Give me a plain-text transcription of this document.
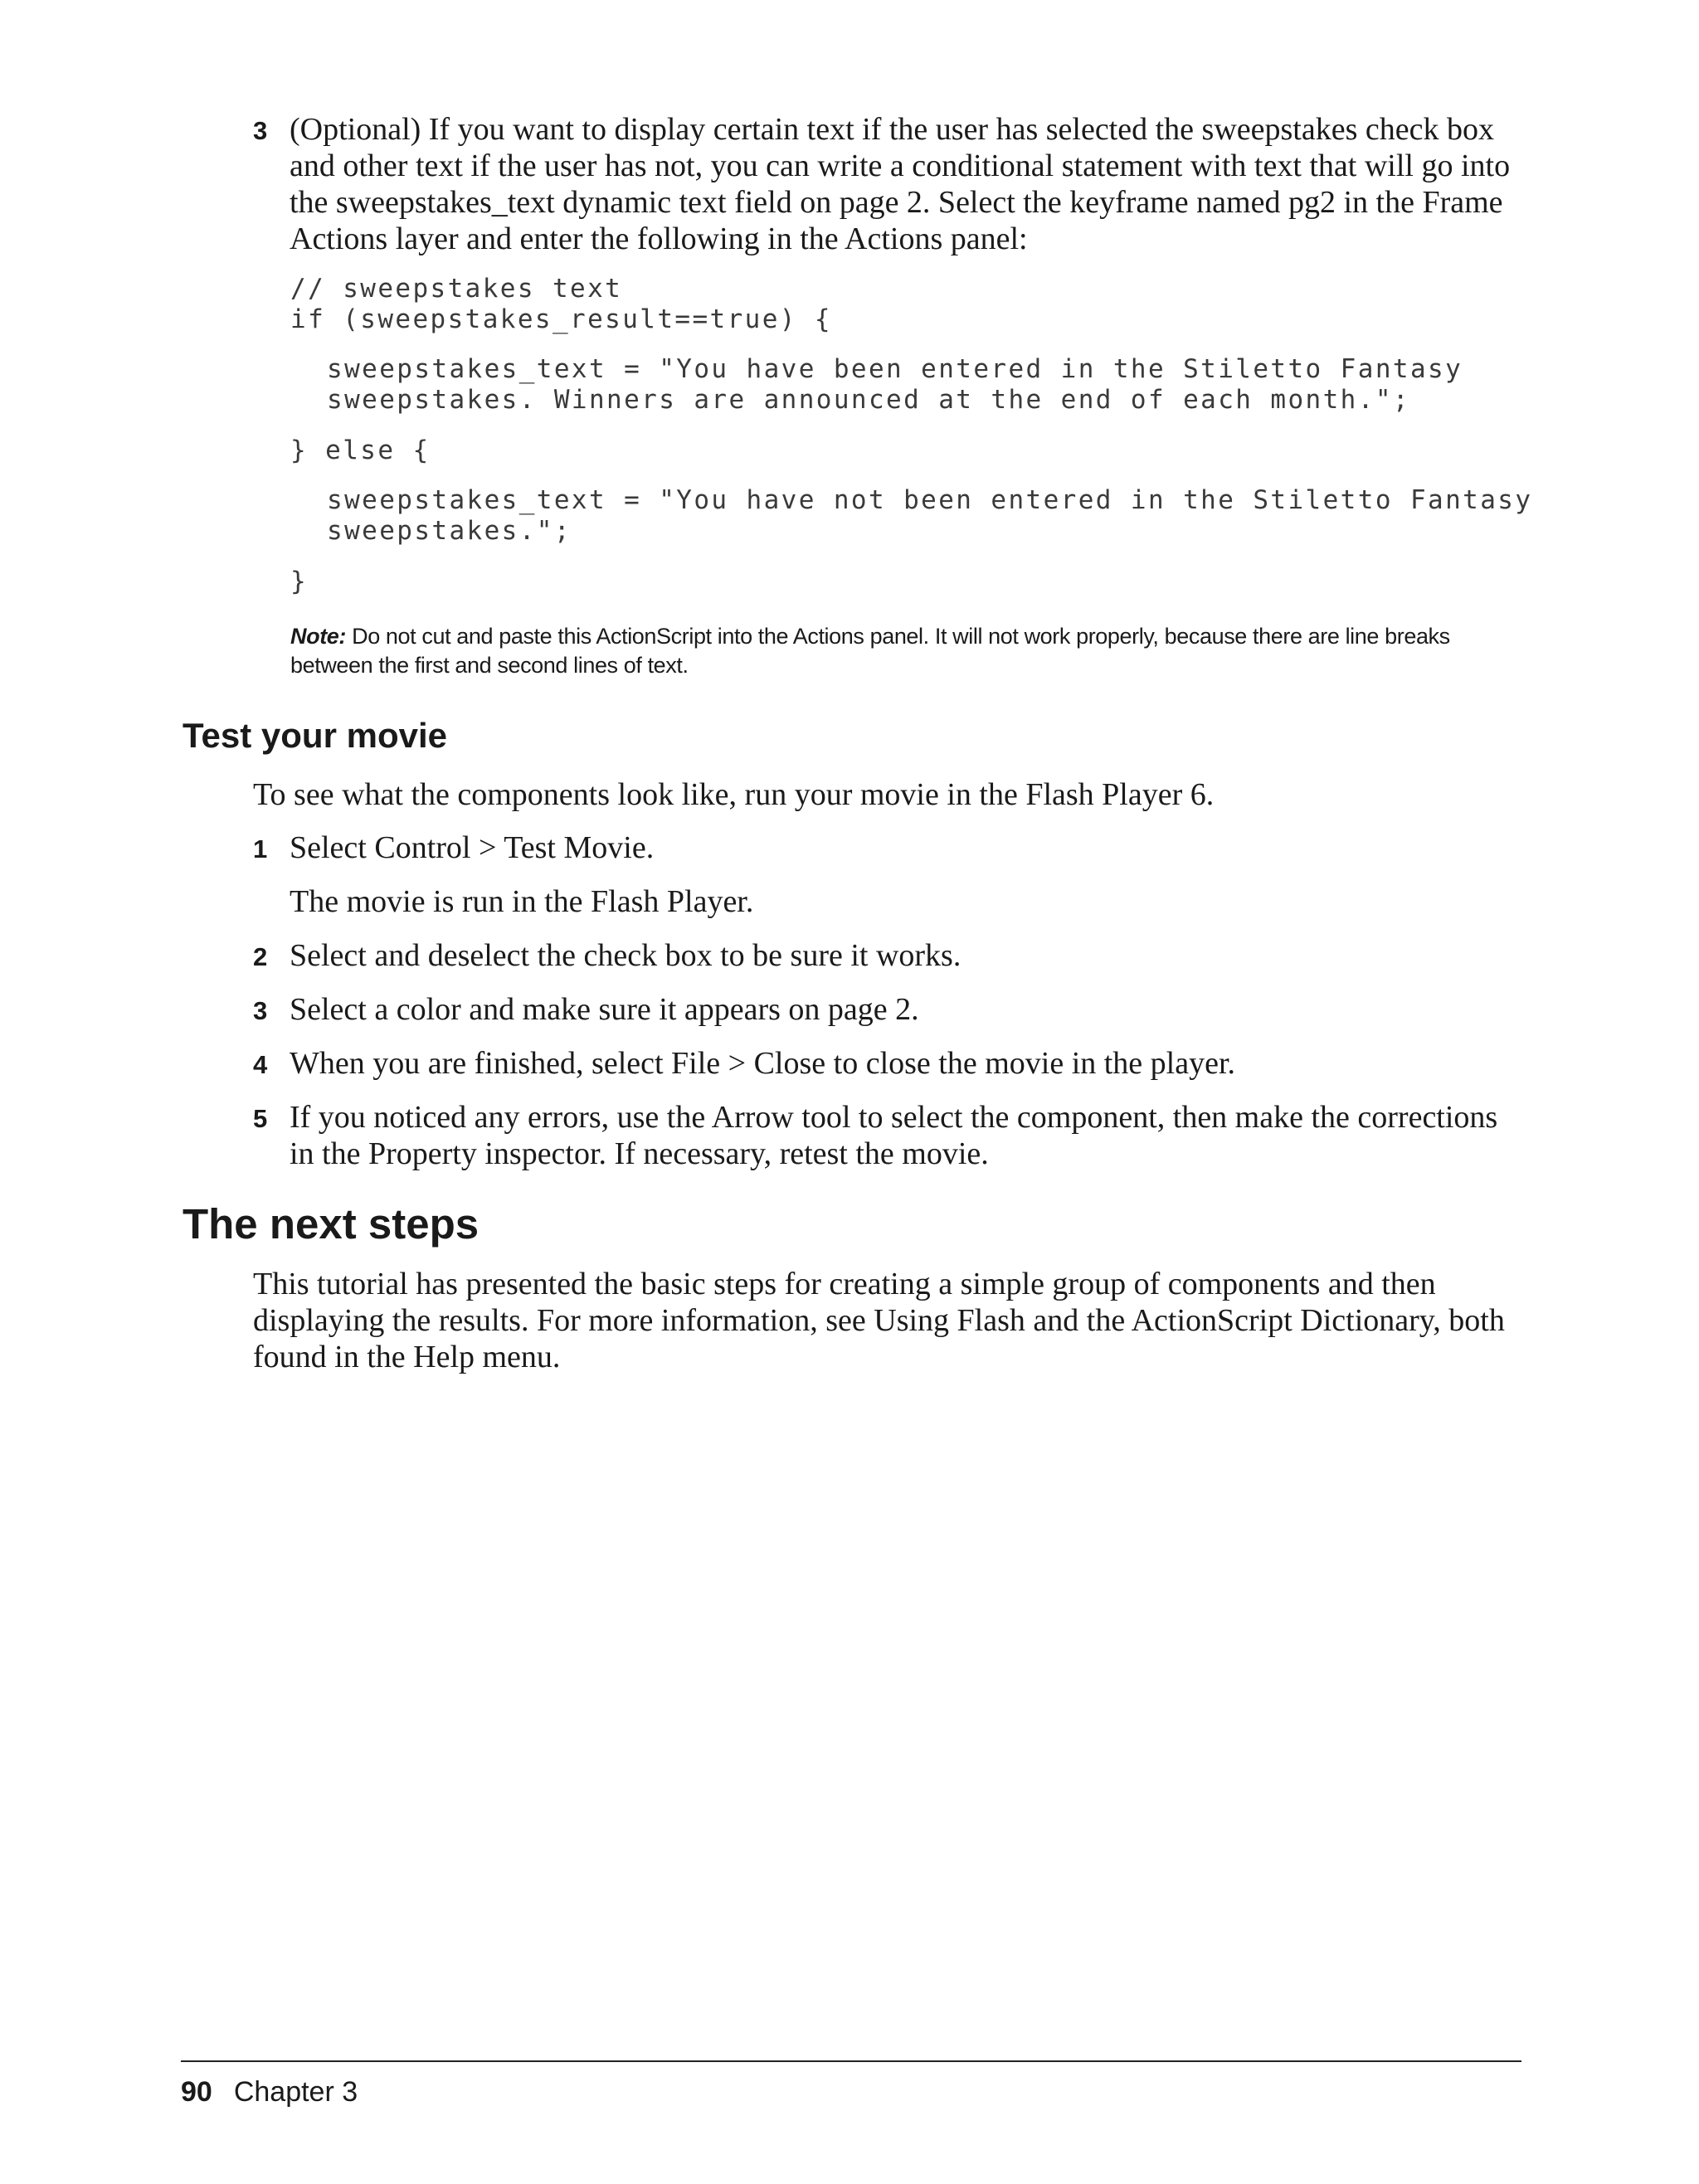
3 (Optional) If you want to display certain text if the user has selected the sweepstakes check box and other text if the user has not, you can write a conditional statement with text that will go into the sweepstakes_text dynamic text field on page 2. Select the keyframe named pg2 in the Frame Actions layer and enter the following in the Actions panel:
// sweepstakes text
if (sweepstakes_result==true) {
sweepstakes_text = "You have been entered in the Stiletto Fantasy
sweepstakes. Winners are announced at the end of each month.";
} else {
sweepstakes_text = "You have not been entered in the Stiletto Fantasy
sweepstakes.";
}
Note: Do not cut and paste this ActionScript into the Actions panel. It will not work properly, because there are line breaks between the first and second lines of text.
Test your movie
To see what the components look like, run your movie in the Flash Player 6.
1 Select Control > Test Movie.
The movie is run in the Flash Player.
2 Select and deselect the check box to be sure it works.
3 Select a color and make sure it appears on page 2.
4 When you are finished, select File > Close to close the movie in the player.
5 If you noticed any errors, use the Arrow tool to select the component, then make the corrections in the Property inspector. If necessary, retest the movie.
The next steps
This tutorial has presented the basic steps for creating a simple group of components and then displaying the results. For more information, see Using Flash and the ActionScript Dictionary, both found in the Help menu.
90 Chapter 3
